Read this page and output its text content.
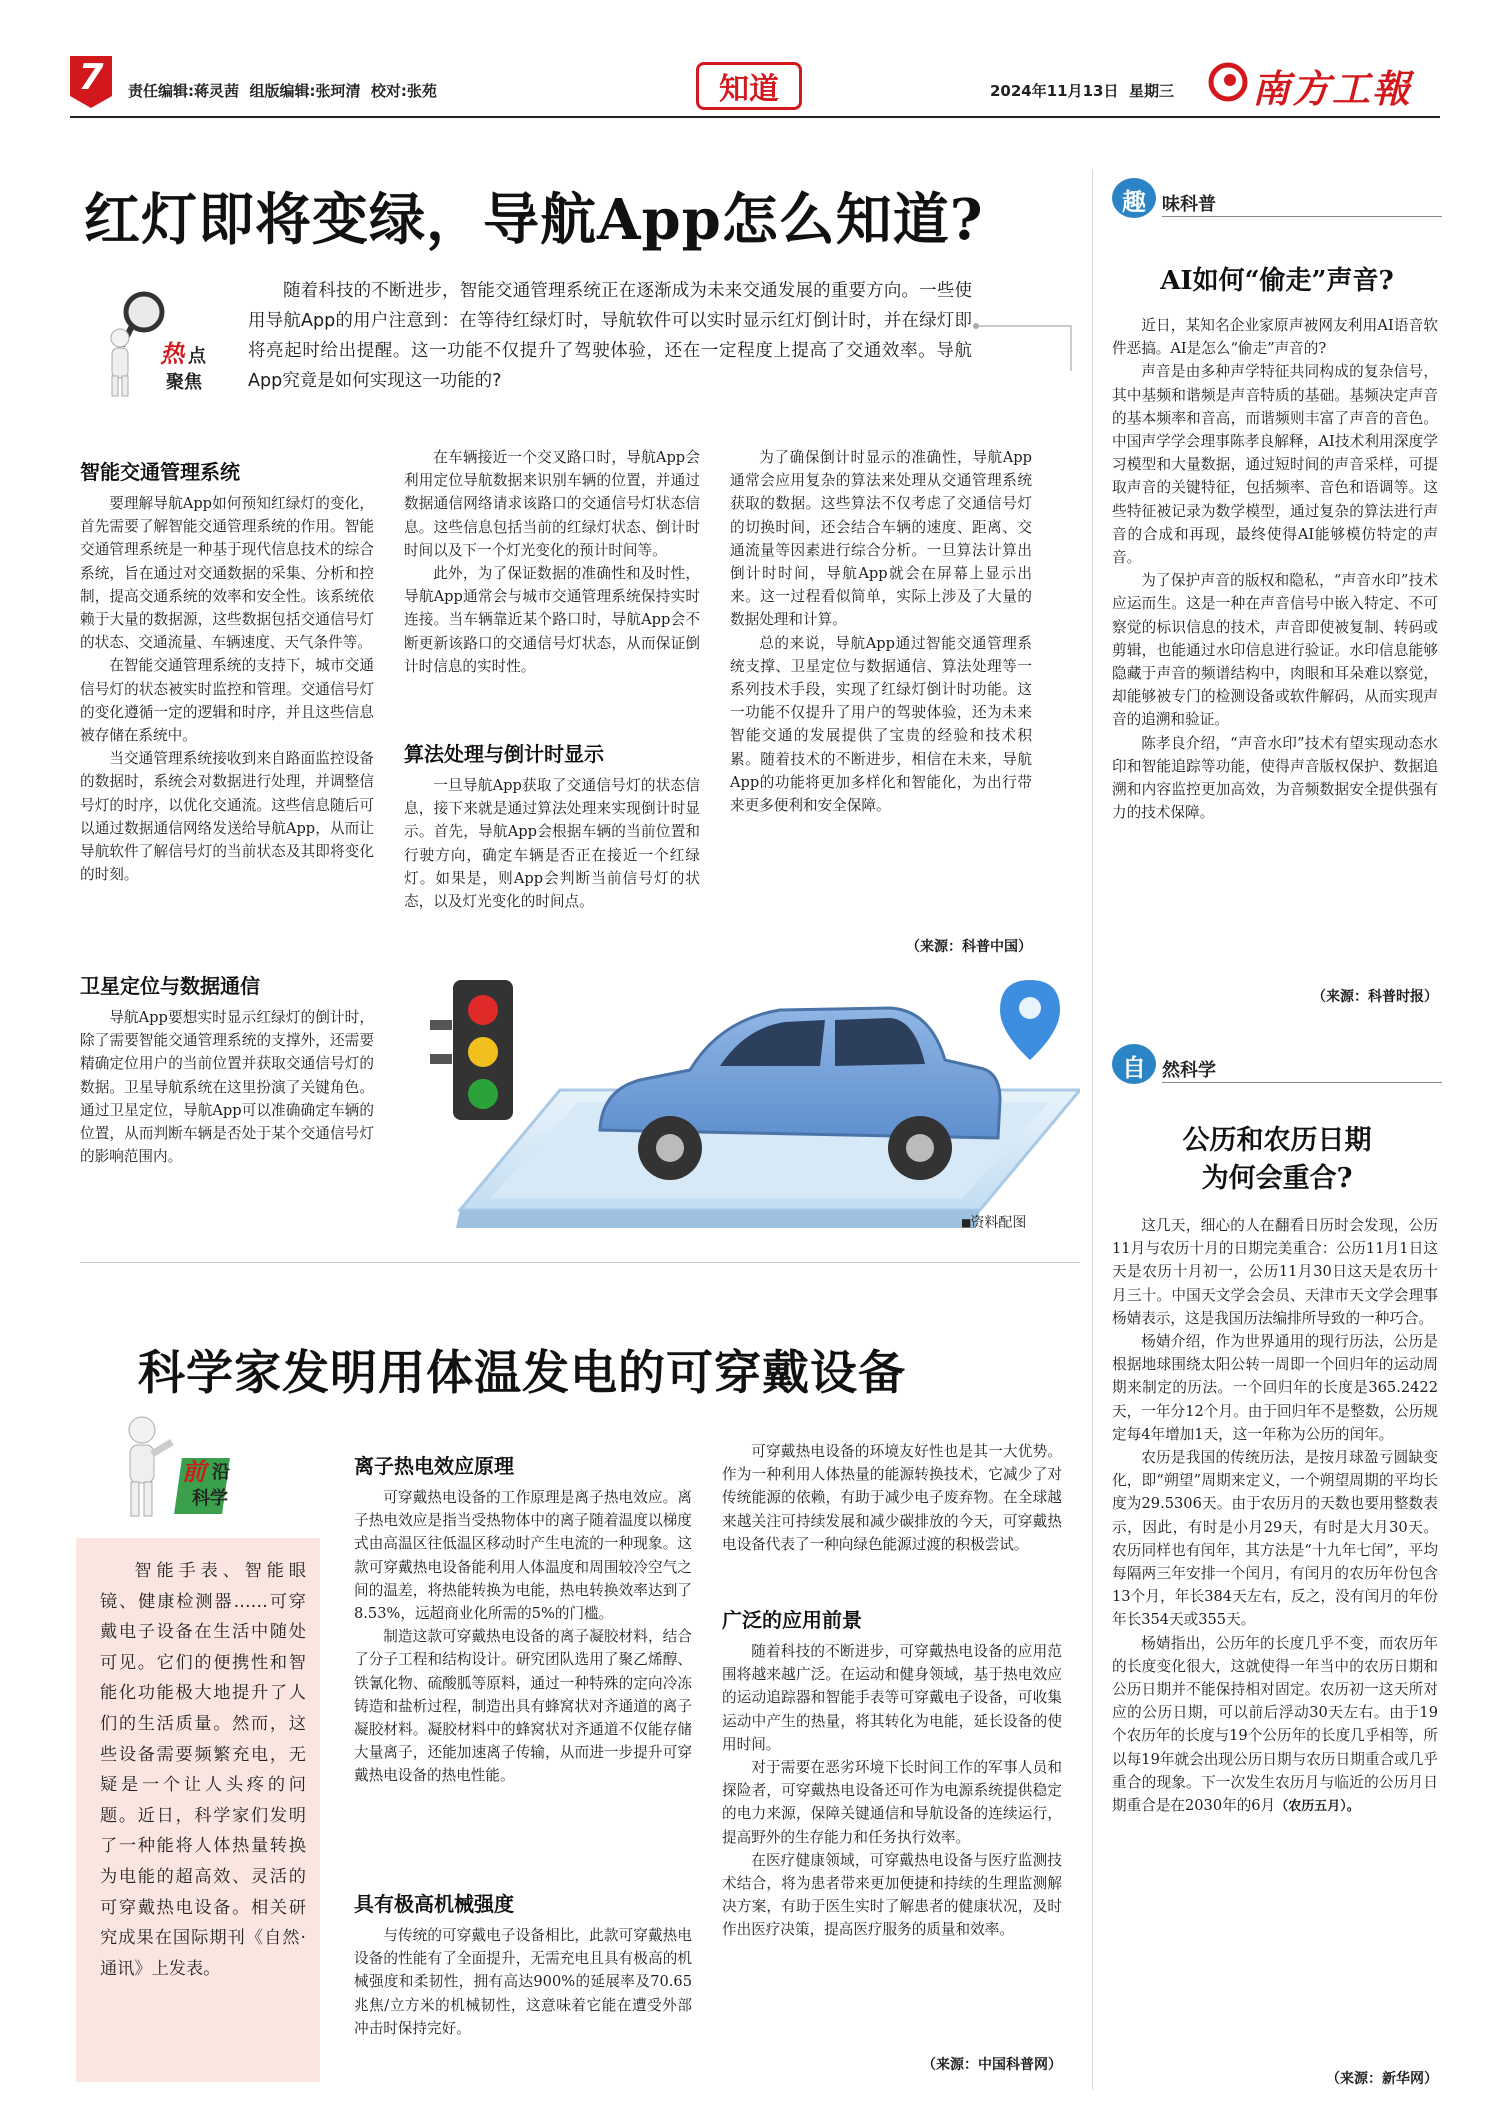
7	责任编辑:蒋灵茜  组版编辑:张珂清  校对:张苑	知道	2024年11月13日  星期三 南方工報
红灯即将变绿，导航App怎么知道?
热 点
聚焦
随着科技的不断进步，智能交通管理系统正在逐渐成为未来交通发展的重要方向。一些使用导航App的用户注意到：在等待红绿灯时，导航软件可以实时显示红灯倒计时，并在绿灯即将亮起时给出提醒。这一功能不仅提升了驾驶体验，还在一定程度上提高了交通效率。导航App究竟是如何实现这一功能的?
智能交通管理系统
要理解导航App如何预知红绿灯的变化，首先需要了解智能交通管理系统的作用。智能交通管理系统是一种基于现代信息技术的综合系统，旨在通过对交通数据的采集、分析和控制，提高交通系统的效率和安全性。该系统依赖于大量的数据源，这些数据包括交通信号灯的状态、交通流量、车辆速度、天气条件等。
在智能交通管理系统的支持下，城市交通信号灯的状态被实时监控和管理。交通信号灯的变化遵循一定的逻辑和时序，并且这些信息被存储在系统中。
当交通管理系统接收到来自路面监控设备的数据时，系统会对数据进行处理，并调整信号灯的时序，以优化交通流。这些信息随后可以通过数据通信网络发送给导航App，从而让导航软件了解信号灯的当前状态及其即将变化的时刻。
卫星定位与数据通信
导航App要想实时显示红绿灯的倒计时，除了需要智能交通管理系统的支撑外，还需要精确定位用户的当前位置并获取交通信号灯的数据。卫星导航系统在这里扮演了关键角色。通过卫星定位，导航App可以准确确定车辆的位置，从而判断车辆是否处于某个交通信号灯的影响范围内。
在车辆接近一个交叉路口时，导航App会利用定位导航数据来识别车辆的位置，并通过数据通信网络请求该路口的交通信号灯状态信息。这些信息包括当前的红绿灯状态、倒计时时间以及下一个灯光变化的预计时间等。
此外，为了保证数据的准确性和及时性，导航App通常会与城市交通管理系统保持实时连接。当车辆靠近某个路口时，导航App会不断更新该路口的交通信号灯状态，从而保证倒计时信息的实时性。
算法处理与倒计时显示
一旦导航App获取了交通信号灯的状态信息，接下来就是通过算法处理来实现倒计时显示。首先，导航App会根据车辆的当前位置和行驶方向，确定车辆是否正在接近一个红绿灯。如果是，则App会判断当前信号灯的状态，以及灯光变化的时间点。
为了确保倒计时显示的准确性，导航App通常会应用复杂的算法来处理从交通管理系统获取的数据。这些算法不仅考虑了交通信号灯的切换时间，还会结合车辆的速度、距离、交通流量等因素进行综合分析。一旦算法计算出倒计时时间，导航App就会在屏幕上显示出来。这一过程看似简单，实际上涉及了大量的数据处理和计算。
总的来说，导航App通过智能交通管理系统支撑、卫星定位与数据通信、算法处理等一系列技术手段，实现了红绿灯倒计时功能。这一功能不仅提升了用户的驾驶体验，还为未来智能交通的发展提供了宝贵的经验和技术积累。随着技术的不断进步，相信在未来，导航App的功能将更加多样化和智能化，为出行带来更多便利和安全保障。
（来源：科普中国）
■资料配图
科学家发明用体温发电的可穿戴设备
前 沿
科学
智能手表、智能眼镜、健康检测器……可穿戴电子设备在生活中随处可见。它们的便携性和智能化功能极大地提升了人们的生活质量。然而，这些设备需要频繁充电，无疑是一个让人头疼的问题。近日，科学家们发明了一种能将人体热量转换为电能的超高效、灵活的可穿戴热电设备。相关研究成果在国际期刊《自然·通讯》上发表。
离子热电效应原理
可穿戴热电设备的工作原理是离子热电效应。离子热电效应是指当受热物体中的离子随着温度以梯度式由高温区往低温区移动时产生电流的一种现象。这款可穿戴热电设备能利用人体温度和周围较冷空气之间的温差，将热能转换为电能，热电转换效率达到了8.53%，远超商业化所需的5%的门槛。
制造这款可穿戴热电设备的离子凝胶材料，结合了分子工程和结构设计。研究团队选用了聚乙烯醇、铁氰化物、硫酸胍等原料，通过一种特殊的定向冷冻铸造和盐析过程，制造出具有蜂窝状对齐通道的离子凝胶材料。凝胶材料中的蜂窝状对齐通道不仅能存储大量离子，还能加速离子传输，从而进一步提升可穿戴热电设备的热电性能。
具有极高机械强度
与传统的可穿戴电子设备相比，此款可穿戴热电设备的性能有了全面提升，无需充电且具有极高的机械强度和柔韧性，拥有高达900%的延展率及70.65兆焦/立方米的机械韧性，这意味着它能在遭受外部冲击时保持完好。
可穿戴热电设备的环境友好性也是其一大优势。作为一种利用人体热量的能源转换技术，它减少了对传统能源的依赖，有助于减少电子废弃物。在全球越来越关注可持续发展和减少碳排放的今天，可穿戴热电设备代表了一种向绿色能源过渡的积极尝试。
广泛的应用前景
随着科技的不断进步，可穿戴热电设备的应用范围将越来越广泛。在运动和健身领域，基于热电效应的运动追踪器和智能手表等可穿戴电子设备，可收集运动中产生的热量，将其转化为电能，延长设备的使用时间。
对于需要在恶劣环境下长时间工作的军事人员和探险者，可穿戴热电设备还可作为电源系统提供稳定的电力来源，保障关键通信和导航设备的连续运行，提高野外的生存能力和任务执行效率。
在医疗健康领域，可穿戴热电设备与医疗监测技术结合，将为患者带来更加便捷和持续的生理监测解决方案，有助于医生实时了解患者的健康状况，及时作出医疗决策，提高医疗服务的质量和效率。
（来源：中国科普网）
趣 味科普
AI如何“偷走”声音?
近日，某知名企业家原声被网友利用AI语音软件恶搞。AI是怎么“偷走”声音的?
声音是由多种声学特征共同构成的复杂信号，其中基频和谐频是声音特质的基础。基频决定声音的基本频率和音高，而谐频则丰富了声音的音色。中国声学学会理事陈孝良解释，AI技术利用深度学习模型和大量数据，通过短时间的声音采样，可提取声音的关键特征，包括频率、音色和语调等。这些特征被记录为数学模型，通过复杂的算法进行声音的合成和再现，最终使得AI能够模仿特定的声音。
为了保护声音的版权和隐私，“声音水印”技术应运而生。这是一种在声音信号中嵌入特定、不可察觉的标识信息的技术，声音即使被复制、转码或剪辑，也能通过水印信息进行验证。水印信息能够隐藏于声音的频谱结构中，肉眼和耳朵难以察觉，却能够被专门的检测设备或软件解码，从而实现声音的追溯和验证。
陈孝良介绍，“声音水印”技术有望实现动态水印和智能追踪等功能，使得声音版权保护、数据追溯和内容监控更加高效，为音频数据安全提供强有力的技术保障。
（来源：科普时报）
自 然科学
公历和农历日期
为何会重合?
这几天，细心的人在翻看日历时会发现，公历11月与农历十月的日期完美重合：公历11月1日这天是农历十月初一，公历11月30日这天是农历十月三十。中国天文学会会员、天津市天文学会理事杨婧表示，这是我国历法编排所导致的一种巧合。
杨婧介绍，作为世界通用的现行历法，公历是根据地球围绕太阳公转一周即一个回归年的运动周期来制定的历法。一个回归年的长度是365.2422天，一年分12个月。由于回归年不是整数，公历规定每4年增加1天，这一年称为公历的闰年。
农历是我国的传统历法，是按月球盈亏圆缺变化，即“朔望”周期来定义，一个朔望周期的平均长度为29.5306天。由于农历月的天数也要用整数表示，因此，有时是小月29天，有时是大月30天。农历同样也有闰年，其方法是“十九年七闰”，平均每隔两三年安排一个闰月，有闰月的农历年份包含13个月，年长384天左右，反之，没有闰月的年份年长354天或355天。
杨婧指出，公历年的长度几乎不变，而农历年的长度变化很大，这就使得一年当中的农历日期和公历日期并不能保持相对固定。农历初一这天所对应的公历日期，可以前后浮动30天左右。由于19个农历年的长度与19个公历年的长度几乎相等，所以每19年就会出现公历日期与农历日期重合或几乎重合的现象。下一次发生农历月与临近的公历月日期重合是在2030年的6月（农历五月）。
（来源：新华网）
